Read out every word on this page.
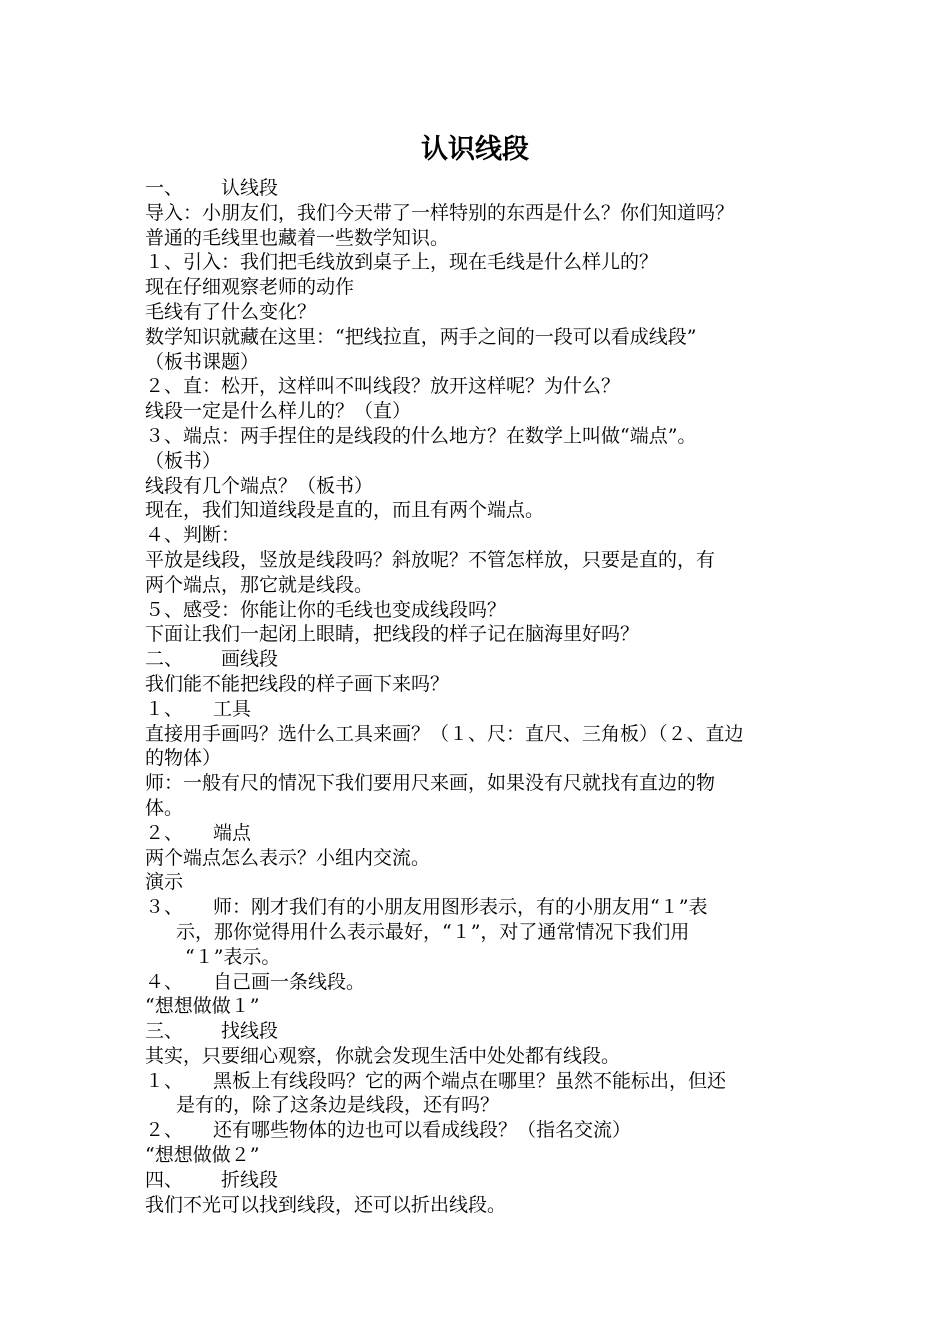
认识线段
一、 认线段
导入：小朋友们，我们今天带了一样特别的东西是什么？你们知道吗？
普通的毛线里也藏着一些数学知识。
１、引入：我们把毛线放到桌子上，现在毛线是什么样儿的？
现在仔细观察老师的动作
毛线有了什么变化？
数学知识就藏在这里：“把线拉直，两手之间的一段可以看成线段”
（板书课题）
２、直：松开，这样叫不叫线段？放开这样呢？为什么？
线段一定是什么样儿的？（直）
３、端点：两手捏住的是线段的什么地方？在数学上叫做“端点”。
（板书）
线段有几个端点？（板书）
现在，我们知道线段是直的，而且有两个端点。
４、判断：
平放是线段，竖放是线段吗？斜放呢？不管怎样放，只要是直的，有
两个端点，那它就是线段。
５、感受：你能让你的毛线也变成线段吗？
下面让我们一起闭上眼睛，把线段的样子记在脑海里好吗？
二、 画线段
我们能不能把线段的样子画下来吗？
１、 工具
直接用手画吗？选什么工具来画？（１、尺：直尺、三角板）（２、直边
的物体）
师：一般有尺的情况下我们要用尺来画，如果没有尺就找有直边的物
体。
２、 端点
两个端点怎么表示？小组内交流。
演示
３、 师：刚才我们有的小朋友用图形表示，有的小朋友用“１”表
示，那你觉得用什么表示最好，“１”，对了通常情况下我们用
“１”表示。
４、 自己画一条线段。
“想想做做１”
三、 找线段
其实，只要细心观察，你就会发现生活中处处都有线段。
１、 黑板上有线段吗？它的两个端点在哪里？虽然不能标出，但还
是有的，除了这条边是线段，还有吗？
２、 还有哪些物体的边也可以看成线段？（指名交流）
“想想做做２”
四、 折线段
我们不光可以找到线段，还可以折出线段。
